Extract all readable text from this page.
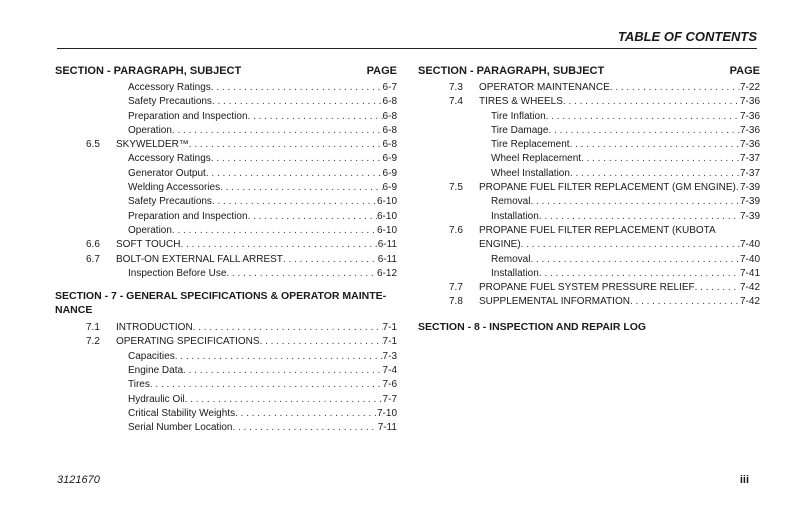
TABLE OF CONTENTS
SECTION - PARAGRAPH, SUBJECT	PAGE
Accessory Ratings . . .	6-7
Safety Precautions . . .	6-8
Preparation and Inspection . . .	6-8
Operation . . .	6-8
6.5	SKYWELDER™ . . .	6-8
Accessory Ratings . . .	6-9
Generator Output . . .	6-9
Welding Accessories . . .	6-9
Safety Precautions . . .	6-10
Preparation and Inspection . . .	6-10
Operation . . .	6-10
6.6	SOFT TOUCH . . .	6-11
6.7	BOLT-ON EXTERNAL FALL ARREST . . .	6-11
Inspection Before Use . . .	6-12
SECTION - 7 - GENERAL SPECIFICATIONS & OPERATOR MAINTE-NANCE
7.1	INTRODUCTION . . .	7-1
7.2	OPERATING SPECIFICATIONS . . .	7-1
Capacities . . .	7-3
Engine Data . . .	7-4
Tires . . .	7-6
Hydraulic Oil . . .	7-7
Critical Stability Weights . . .	7-10
Serial Number Location . . .	7-11
SECTION - PARAGRAPH, SUBJECT	PAGE
7.3	OPERATOR MAINTENANCE . . .	7-22
7.4	TIRES & WHEELS . . .	7-36
Tire Inflation . . .	7-36
Tire Damage . . .	7-36
Tire Replacement . . .	7-36
Wheel Replacement . . .	7-37
Wheel Installation . . .	7-37
7.5	PROPANE FUEL FILTER REPLACEMENT (GM ENGINE) . . . 7-39
Removal . . .	7-39
Installation . . .	7-39
7.6	PROPANE FUEL FILTER REPLACEMENT (KUBOTA
ENGINE) . . .	7-40
Removal . . .	7-40
Installation . . .	7-41
7.7	PROPANE FUEL SYSTEM PRESSURE RELIEF . . .	7-42
7.8	SUPPLEMENTAL INFORMATION . . .	7-42
SECTION - 8 - INSPECTION AND REPAIR LOG
3121670	iii
